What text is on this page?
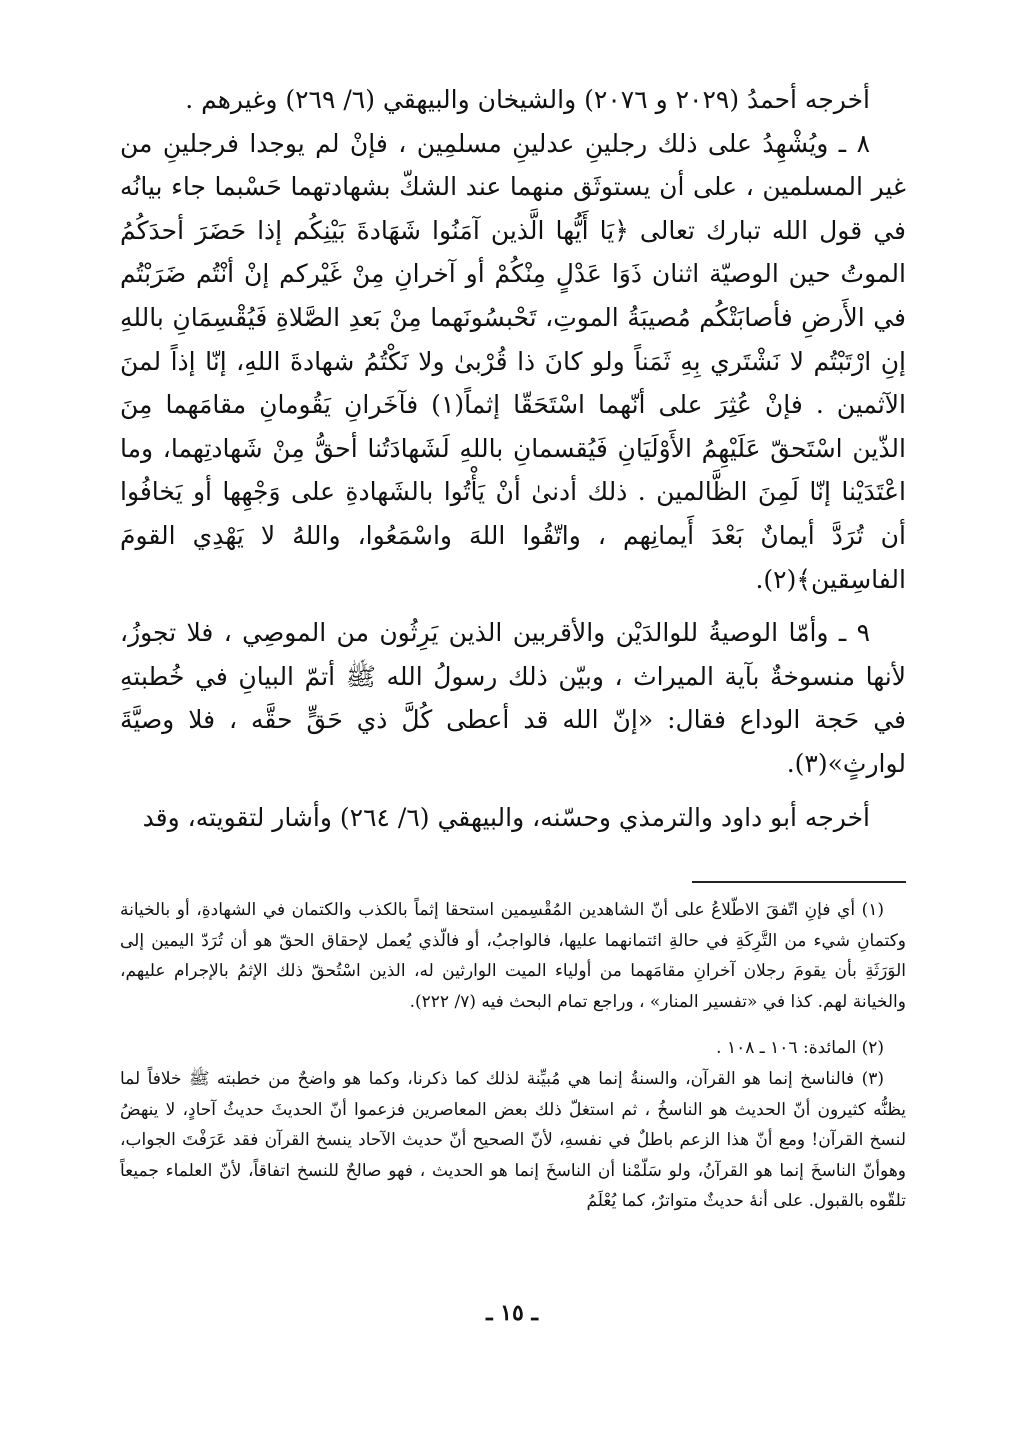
أخرجه أحمدُ (٢٠٢٩ و ٢٠٧٦) والشيخان والبيهقي (٦/ ٢٦٩) وغيرهم .

٨ ـ ويُشْهِدُ على ذلك رجلينِ عدلينِ مسلمِين ، فإنْ لم يوجدا فرجلينِ من غير المسلمين ، على أن يستوثَق منهما عند الشكّ بشهادتهما حَسْبما جاء بيانُه في قول الله تبارك تعالى ﴿يَا أَيُّها الَّذين آمَنُوا شَهَادةَ بَيْنِكُم إذا حَضَرَ أحدَكُمُ الموتُ حين الوصيّة اثنان ذَوَا عَدْلٍ مِنْكُمْ أو آخرانِ مِنْ غَيْركم إنْ أنْتُم ضَرَبْتُم في الأَرضِ فأصابَتْكُم مُصيبَةُ الموتِ، تَحْبسُونَهما مِنْ بَعدِ الصَّلاةِ فَيُقْسِمَانِ باللهِ إنِ ارْتَبْتُم لا نَشْتَري بِهِ ثَمَناً ولو كانَ ذا قُرْبىٰ ولا نَكْتُمُ شهادةَ اللهِ، إنّا إذاً لمنَ الآثمين . فإنْ عُثِرَ على أنّهما اسْتَحَقّا إثماً(١) فآخَرانِ يَقُومانِ مقامَهما مِنَ الذّين اسْتَحقّ عَلَيْهِمُ الأَوْلَيَانِ فَيُقسمانِ باللهِ لَشَهادَتُنا أحقُّ مِنْ شَهادتِهما، وما اعْتَدَيْنا إنّا لَمِنَ الظَّالمين . ذلك أدنىٰ أنْ يَأْتُوا بالشَهادةِ على وَجْهِها أو يَخافُوا أن تُرَدَّ أيمانٌ بَعْدَ أَيمانِهم ، واتّقُوا اللهَ واسْمَعُوا، واللهُ لا يَهْدِي القومَ الفاسِقين﴾(٢).

٩ ـ وأمّا الوصيةُ للوالدَيْن والأقربين الذين يَرِثُون من الموصِي ، فلا تجوزُ، لأنها منسوخةٌ بآية الميراث ، وبيّن ذلك رسولُ الله ﷺ أتمّ البيانِ في خُطبتهِ في حَجة الوداع فقال: «إنّ الله قد أعطى كُلَّ ذي حَقٍّ حقَّه ، فلا وصيَّةَ لوارثٍ»(٣).

أخرجه أبو داود والترمذي وحسّنه، والبيهقي (٦/ ٢٦٤) وأشار لتقويته، وقد

(١) أي فإنِ اتّفقَ الاطّلاعُ على أنّ الشاهدين المُقْسِمين استحقا إثماً بالكذب والكتمان في الشهادةِ، أو بالخيانة وكتمانِ شيء من التَّرِكَةِ في حالةِ ائتمانهما عليها، فالواجبُ، أو فالّذي يُعمل لإحقاق الحقّ هو أن تُرَدّ اليمين إلى الوَرَثَةِ بأن يقومَ رجلان آخرانِ مقامَهما من أولياء الميت الوارثين له، الذين اسْتُحقّ ذلك الإثمُ بالإجرام عليهم، والخيانة لهم. كذا في «تفسير المنار» ، وراجع تمام البحث فيه (٧/ ٢٢٢).

(٢) المائدة: ١٠٦ ـ ١٠٨ .

(٣) فالناسخ إنما هو القرآن، والسنةُ إنما هي مُبيِّنة لذلك كما ذكرنا، وكما هو واضحٌ من خطبته ﷺ خلافاً لما يظنُّه كثيرون أنّ الحديث هو الناسخُ ، ثم استغلّ ذلك بعض المعاصرين فزعموا أنّ الحديثَ حديثُ آحادٍ، لا ينهضُ لنسخ القرآن! ومع أنّ هذا الزعم باطلٌ في نفسهِ، لأنّ الصحيح أنّ حديث الآحاد ينسخ القرآن فقد عَرَفْتَ الجواب، وهوأنّ الناسخَ إنما هو القرآنُ، ولو سَلّمْنا أن الناسخَ إنما هو الحديث ، فهو صالحٌ للنسخ اتفاقاً، لأنّ العلماء جميعاً تلقّوه بالقبول. على أنهٔ حديثٌ متواترٌ، كما يُعْلَمُ

ـ ١٥ ـ
